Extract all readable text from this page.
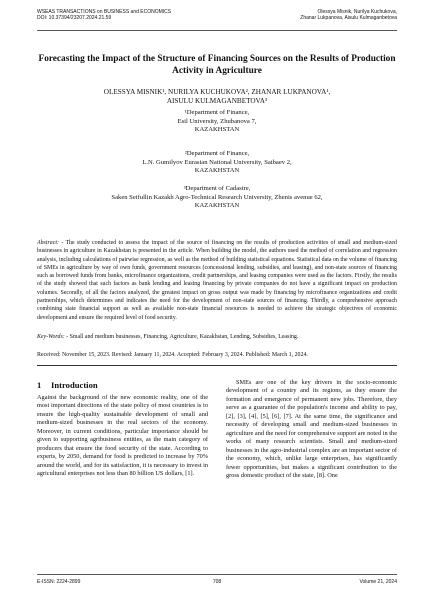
WSEAS TRANSACTIONS on BUSINESS and ECONOMICS
DOI: 10.37394/23207.2024.21.59
Olessya Misnik, Nurilya Kuchukova,
Zhanar Lukpanova, Aisulu Kulmaganbetova
Forecasting the Impact of the Structure of Financing Sources on the Results of Production Activity in Agriculture
OLESSYA MISNIK¹, NURILYA KUCHUKOVA², ZHANAR LUKPANOVA¹,
AISULU KULMAGANBETOVA³
¹Department of Finance,
Esil University, Zhubanova 7,
KAZAKHSTAN
²Department of Finance,
L.N. Gumilyov Eurasian National University, Satbaev 2,
KAZAKHSTAN
³Department of Cadastre,
Saken Seifullin Kazakh Agro-Technical Research University, Zhenis avenue 62,
KAZAKHSTAN
Abstract: - The study conducted to assess the impact of the source of financing on the results of production activities of small and medium-sized businesses in agriculture in Kazakhstan is presented in the article. When building the model, the authors used the method of correlation and regression analysis, including calculations of pairwise regression, as well as the method of building statistical equations. Statistical data on the volume of financing of SMEs in agriculture by way of own funds, government resources (concessional lending, subsidies, and leasing), and non-state sources of financing such as borrowed funds from banks, microfinance organizations, credit partnerships, and leasing companies were used as the factors. Firstly, the results of the study showed that such factors as bank lending and leasing financing by private companies do not have a significant impact on production volumes. Secondly, of all the factors analyzed, the greatest impact on gross output was made by financing by microfinance organizations and credit partnerships, which determines and indicates the need for the development of non-state sources of financing. Thirdly, a comprehensive approach combining state financial support as well as available non-state financial resources is needed to achieve the strategic objectives of economic development and ensure the required level of food security.
Key-Words: - Small and medium businesses, Financing, Agriculture, Kazakhstan, Lending, Subsidies, Leasing.
Received: November 15, 2023. Revised: January 11, 2024. Accepted: February 3, 2024. Published: March 1, 2024.
1 Introduction
Against the background of the new economic reality, one of the most important directions of the state policy of most countries is to ensure the high-quality sustainable development of small and medium-sized businesses in the real sectors of the economy. Moreover, in current conditions, particular importance should be given to supporting agribusiness entities, as the main category of producers that ensure the food security of the state. According to experts, by 2050, demand for food is predicted to increase by 70% around the world, and for its satisfaction, it is necessary to invest in agricultural enterprises not less than 80 billion US dollars, [1].
SMEs are one of the key drivers in the socio-economic development of a country and its regions, as they ensure the formation and emergence of permanent new jobs. Therefore, they serve as a guarantee of the population's income and ability to pay, [2], [3], [4], [5], [6], [7]. At the same time, the significance and necessity of developing small and medium-sized businesses in agriculture and the need for comprehensive support are noted in the works of many research scientists. Small and medium-sized businesses in the agro-industrial complex are an important sector of the economy, which, unlike large enterprises, has significantly fewer opportunities, but makes a significant contribution to the gross domestic product of the state, [8]. One
E-ISSN: 2224-2899	708	Volume 21, 2024
